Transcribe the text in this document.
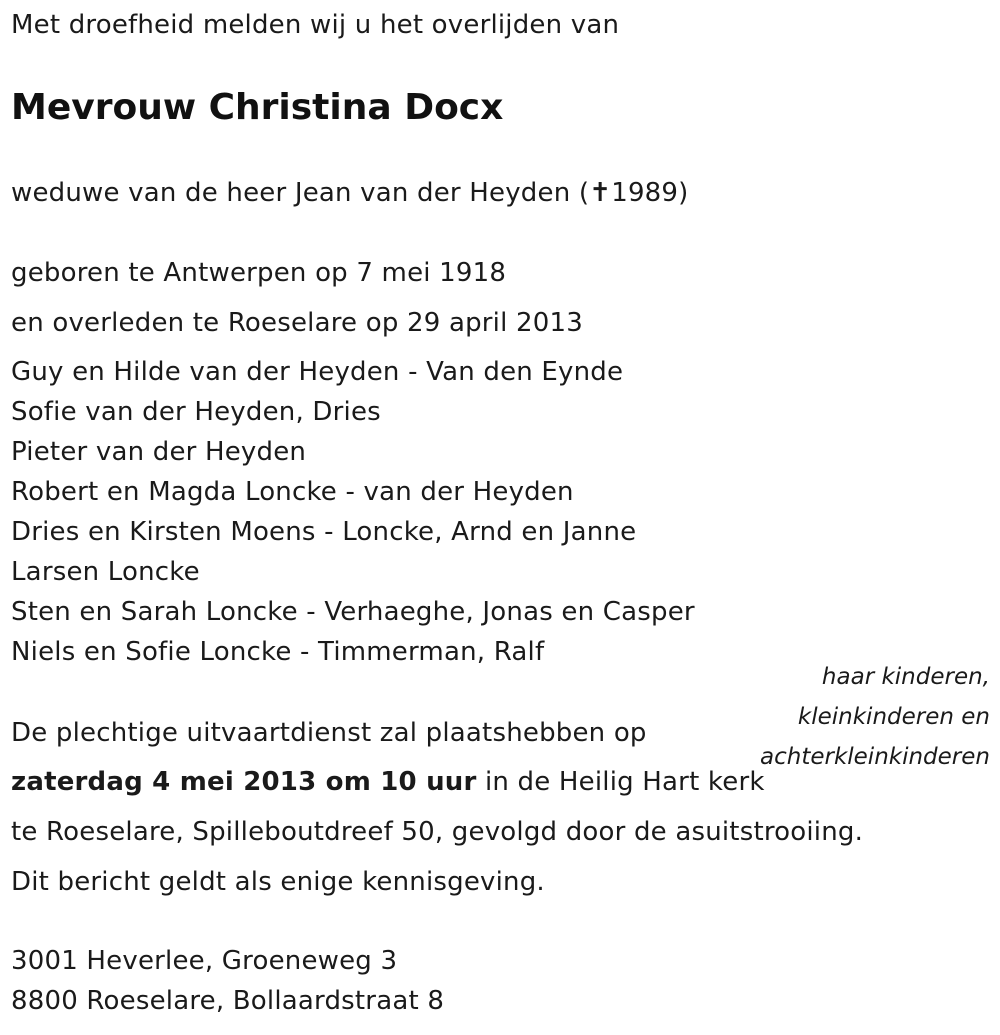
Met droefheid melden wij u het overlijden van
Mevrouw Christina Docx
weduwe van de heer Jean van der Heyden (✝1989)
geboren te Antwerpen op 7 mei 1918
en overleden te Roeselare op 29 april 2013
Guy en Hilde van der Heyden - Van den Eynde
Sofie van der Heyden, Dries
Pieter van der Heyden
Robert en Magda Loncke - van der Heyden
Dries en Kirsten Moens - Loncke, Arnd en Janne
Larsen Loncke
Sten en Sarah Loncke - Verhaeghe, Jonas en Casper
Niels en Sofie Loncke - Timmerman, Ralf
haar kinderen,
kleinkinderen en
achterkleinkinderen
De plechtige uitvaartdienst zal plaatshebben op
zaterdag 4 mei 2013 om 10 uur in de Heilig Hart kerk
te Roeselare, Spilleboutdreef 50, gevolgd door de asuitstrooiing.
Dit bericht geldt als enige kennisgeving.
3001 Heverlee, Groeneweg 3
8800 Roeselare, Bollaardstraat 8
